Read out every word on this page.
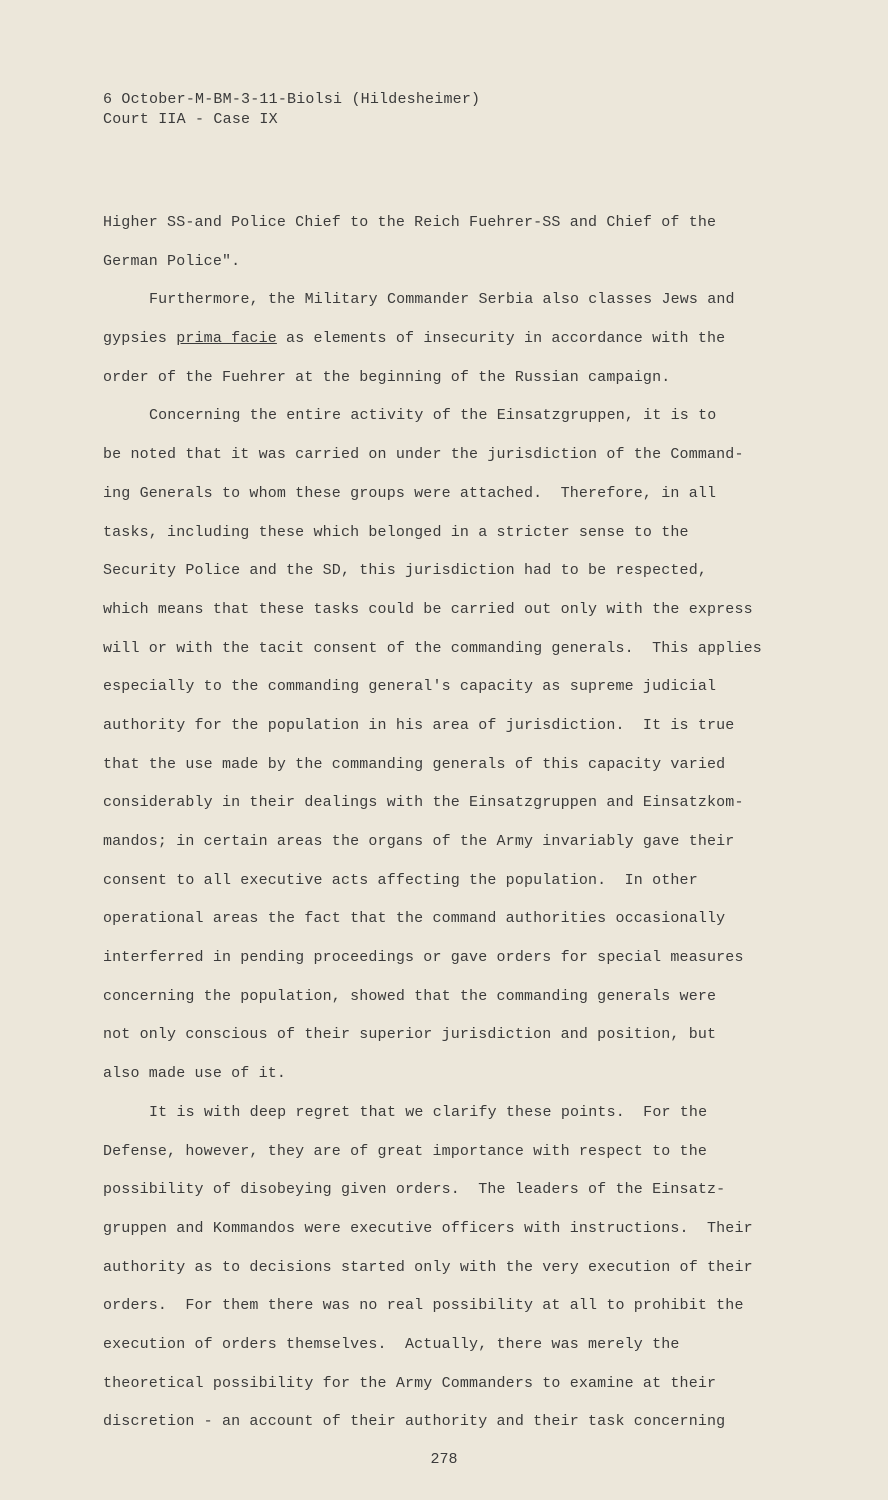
6 October-M-BM-3-11-Biolsi (Hildesheimer)
Court IIA - Case IX
Higher SS-and Police Chief to the Reich Fuehrer-SS and Chief of the
German Police".
Furthermore, the Military Commander Serbia also classes Jews and
gypsies prima facie as elements of insecurity in accordance with the
order of the Fuehrer at the beginning of the Russian campaign.
Concerning the entire activity of the Einsatzgruppen, it is to
be noted that it was carried on under the jurisdiction of the Command-
ing Generals to whom these groups were attached.  Therefore, in all
tasks, including these which belonged in a stricter sense to the
Security Police and the SD, this jurisdiction had to be respected,
which means that these tasks could be carried out only with the express
will or with the tacit consent of the commanding generals.  This applies
especially to the commanding general's capacity as supreme judicial
authority for the population in his area of jurisdiction.  It is true
that the use made by the commanding generals of this capacity varied
considerably in their dealings with the Einsatzgruppen and Einsatzkom-
mandos; in certain areas the organs of the Army invariably gave their
consent to all executive acts affecting the population.  In other
operational areas the fact that the command authorities occasionally
interferred in pending proceedings or gave orders for special measures
concerning the population, showed that the commanding generals were
not only conscious of their superior jurisdiction and position, but
also made use of it.
It is with deep regret that we clarify these points.  For the
Defense, however, they are of great importance with respect to the
possibility of disobeying given orders.  The leaders of the Einsatz-
gruppen and Kommandos were executive officers with instructions.  Their
authority as to decisions started only with the very execution of their
orders.  For them there was no real possibility at all to prohibit the
execution of orders themselves.  Actually, there was merely the
theoretical possibility for the Army Commanders to examine at their
discretion - an account of their authority and their task concerning
278
